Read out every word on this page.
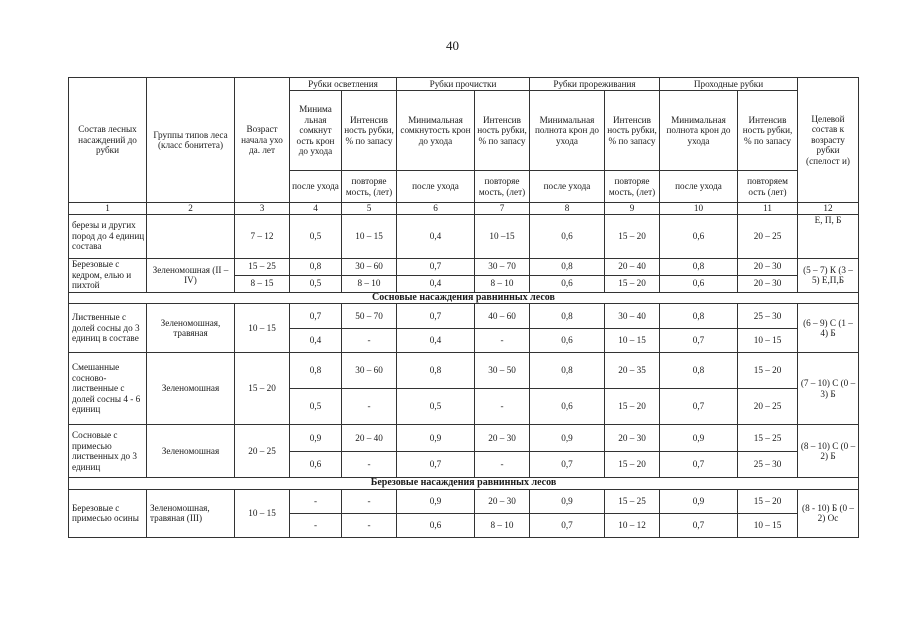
40
Состав лесных насаждений до рубки	Группы типов леса (класс бонитета)	Возраст начала ухо да. лет	Рубки осветления		Рубки прочистки		Рубки прореживания		Проходные рубки		Целевой состав к возрасту рубки (спелост и)
			Минима льная сомкнут ость крон до ухода	Интенсив ность рубки, % по запасу	Минимальная сомкнутость крон до ухода	Интенсив ность рубки, % по запасу	Минимальная полнота крон до ухода	Интенсив ность рубки, % по запасу	Минимальная полнота крон до ухода	Интенсив ность рубки, % по запасу	
			после ухода	повторяе мость, (лет)	после ухода	повторяе мость, (лет)	после ухода	повторяе мость, (лет)	после ухода	повторяем ость (лет)	
1	2	3	4	5	6	7	8	9	10	11	12
березы и других пород до 4 единиц состава		7 – 12	0,5	10 – 15	0,4	10 –15	0,6	15 – 20	0,6	20 – 25	Е, П, Б
Березовые с кедром, елью и пихтой	Зеленомошная (II – IV)	15 – 25	0,8	30 – 60	0,7	30 – 70	0,8	20 – 40	0,8	20 – 30	(5 – 7) К (3 – 5) Е,П,Б
		8 – 15	0,5	8 – 10	0,4	8 – 10	0,6	15 – 20	0,6	20 – 30	
Сосновые насаждения равнинных лесов											
Лиственные с долей сосны до 3 единиц в составе	Зеленомошная, травяная	10 – 15	0,7	50 – 70	0,7	40 – 60	0,8	30 – 40	0,8	25 – 30	(6 – 9) С (1 – 4) Б
			0,4	-	0,4	-	0,6	10 – 15	0,7	10 – 15	
Смешанные сосново-лиственные с долей сосны 4 - 6 единиц	Зеленомошная	15 – 20	0,8	30 – 60	0,8	30 – 50	0,8	20 – 35	0,8	15 – 20	(7 – 10) С (0 – 3) Б
			0,5	-	0,5	-	0,6	15 – 20	0,7	20 – 25	
Сосновые с примесью лиственных до 3 единиц	Зеленомошная	20 – 25	0,9	20 – 40	0,9	20 – 30	0,9	20 – 30	0,9	15 – 25	(8 – 10) С (0 – 2) Б
			0,6	-	0,7	-	0,7	15 – 20	0,7	25 – 30	
Березовые насаждения равнинных лесов											
Березовые с примесью осины	Зеленомошная, травяная (III)	10 – 15	-	-	0,9	20 – 30	0,9	15 – 25	0,9	15 – 20	(8 - 10) Б (0 – 2) Ос
			-	-	0,6	8 – 10	0,7	10 – 12	0,7	10 – 15	
